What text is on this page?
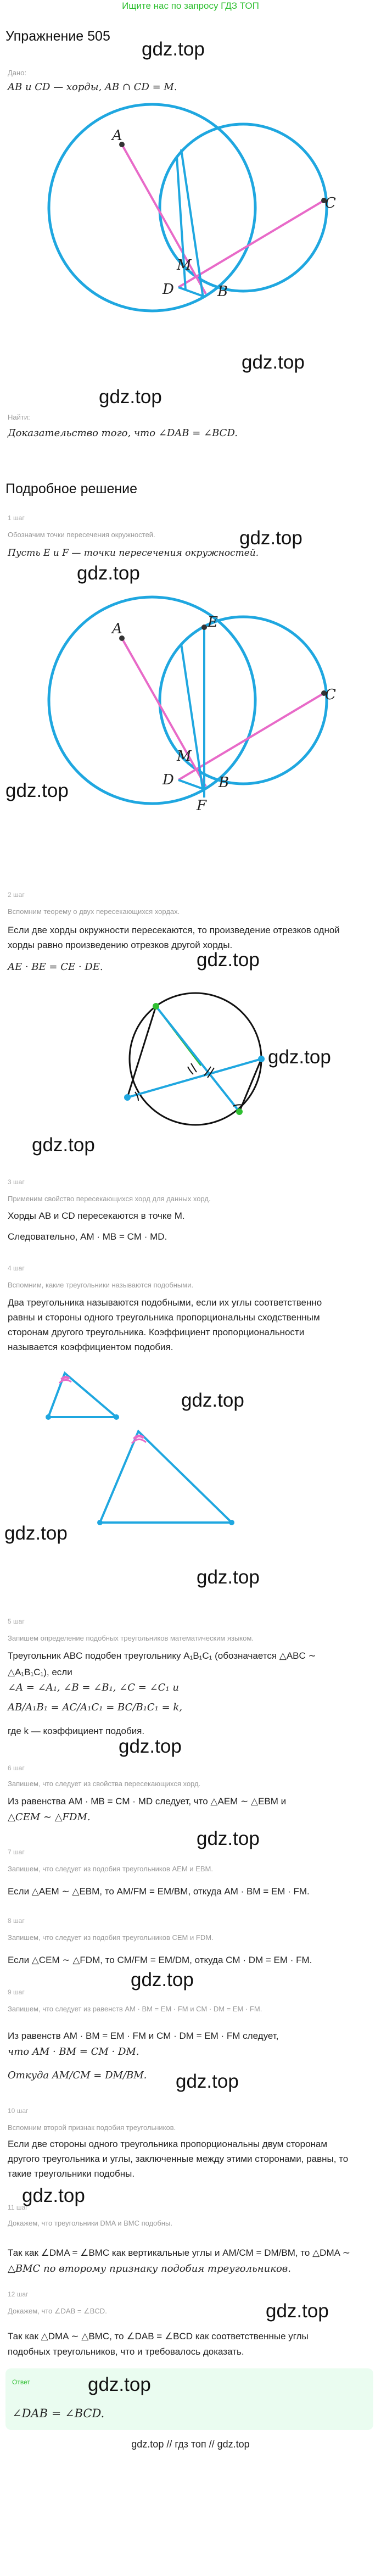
Ищите нас по запросу ГДЗ ТОП
Упражнение 505
gdz.top
Дано:
AB и CD — хорды, AB ∩ CD = M.
A
C
M
D	B
gdz.top
gdz.top
Найти:
Доказательство того, что ∠DAB = ∠BCD.
Подробное решение
1 шаг
Обозначим точки пересечения окружностей.
Пусть E и F — точки пересечения окружностей.
gdz.top
gdz.top
A	E
C
M
D	B
F
gdz.top
2 шаг
Вспомним теорему о двух пересекающихся хордах.
Если две хорды окружности пересекаются, то произведение отрезков одной
хорды равно произведению отрезков другой хорды.
AE · BE = CE · DE.	gdz.top
gdz.top
gdz.top
3 шаг
Применим свойство пересекающихся хорд для данных хорд.
Хорды AB и CD пересекаются в точке M.
Следовательно, AM · MB = CM · MD.
4 шаг
Вспомним, какие треугольники называются подобными.
Два треугольника называются подобными, если их углы соответственно
равны и стороны одного треугольника пропорциональны сходственным
сторонам другого треугольника. Коэффициент пропорциональности
называется коэффициентом подобия.
gdz.top
gdz.top
gdz.top
5 шаг
Запишем определение подобных треугольников математическим языком.
Треугольник ABC подобен треугольнику A₁B₁C₁ (обозначается △ABC ∼
△A₁B₁C₁), если
∠A = ∠A₁, ∠B = ∠B₁, ∠C = ∠C₁ и
AB/A₁B₁ = AC/A₁C₁ = BC/B₁C₁ = k,
где k — коэффициент подобия.
gdz.top
6 шаг
Запишем, что следует из свойства пересекающихся хорд.
Из равенства AM · MB = CM · MD следует, что △AEM ∼ △EBM и
△CEM ∼ △FDM.
gdz.top
7 шаг
Запишем, что следует из подобия треугольников AEM и EBM.
Если △AEM ∼ △EBM, то AM/FM = EM/BM, откуда AM · BM = EM · FM.
8 шаг
Запишем, что следует из подобия треугольников CEM и FDM.
Если △CEM ∼ △FDM, то CM/FM = EM/DM, откуда CM · DM = EM · FM.
gdz.top
9 шаг
Запишем, что следует из равенств AM · BM = EM · FM и CM · DM = EM · FM.
Из равенств AM · BM = EM · FM и CM · DM = EM · FM следует,
что AM · BM = CM · DM.
Откуда AM/CM = DM/BM. gdz.top
10 шаг
Вспомним второй признак подобия треугольников.
Если две стороны одного треугольника пропорциональны двум сторонам
другого треугольника и углы, заключенные между этими сторонами, равны, то
такие треугольники подобны.
gdz.top
11 шаг
Докажем, что треугольники DMA и BMC подобны.
Так как ∠DMA = ∠BMC как вертикальные углы и AM/CM = DM/BM, то △DMA ∼
△BMC по второму признаку подобия треугольников.
12 шаг
Докажем, что ∠DAB = ∠BCD.	gdz.top
Так как △DMA ∼ △BMC, то ∠DAB = ∠BCD как соответственные углы
подобных треугольников, что и требовалось доказать.
Ответ	gdz.top
∠DAB = ∠BCD.
gdz.top // гдз топ // gdz.top
